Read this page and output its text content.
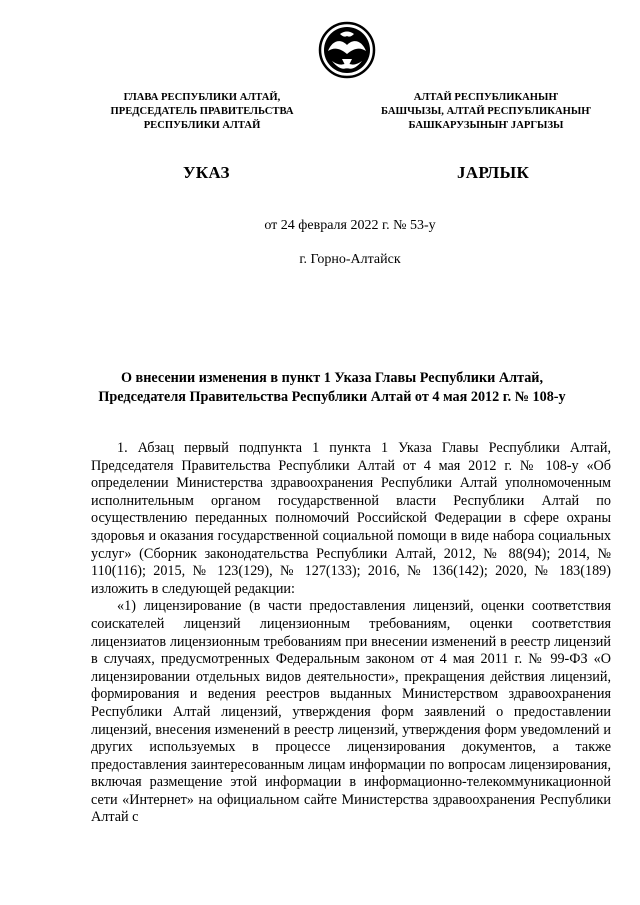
ГЛАВА РЕСПУБЛИКИ АЛТАЙ,
ПРЕДСЕДАТЕЛЬ ПРАВИТЕЛЬСТВА
РЕСПУБЛИКИ АЛТАЙ
АЛТАЙ РЕСПУБЛИКАНЫҤ
БАШЧЫЗЫ, АЛТАЙ РЕСПУБЛИКАНЫҤ
БАШКАРУЗЫНЫҤ ЈАРГЫЗЫ
УКАЗ	ЈАРЛЫК
от 24 февраля 2022 г. № 53-у
г. Горно-Алтайск
О внесении изменения в пункт 1 Указа Главы Республики Алтай,
Председателя Правительства Республики Алтай от 4 мая 2012 г. № 108-у

1. Абзац первый подпункта 1 пункта 1 Указа Главы Республики Алтай, Председателя Правительства Республики Алтай от 4 мая 2012 г. № 108-у «Об определении Министерства здравоохранения Республики Алтай уполномоченным исполнительным органом государственной власти Республики Алтай по осуществлению переданных полномочий Российской Федерации в сфере охраны здоровья и оказания государственной социальной помощи в виде набора социальных услуг» (Сборник законодательства Республики Алтай, 2012, № 88(94); 2014, № 110(116); 2015, № 123(129), № 127(133); 2016, № 136(142); 2020, № 183(189) изложить в следующей редакции:

«1) лицензирование (в части предоставления лицензий, оценки соответствия соискателей лицензий лицензионным требованиям, оценки соответствия лицензиатов лицензионным требованиям при внесении изменений в реестр лицензий в случаях, предусмотренных Федеральным законом от 4 мая 2011 г. № 99-ФЗ «О лицензировании отдельных видов деятельности», прекращения действия лицензий, формирования и ведения реестров выданных Министерством здравоохранения Республики Алтай лицензий, утверждения форм заявлений о предоставлении лицензий, внесения изменений в реестр лицензий, утверждения форм уведомлений и других используемых в процессе лицензирования документов, а также предоставления заинтересованным лицам информации по вопросам лицензирования, включая размещение этой информации в информационно-телекоммуникационной сети «Интернет» на официальном сайте Министерства здравоохранения Республики Алтай с
